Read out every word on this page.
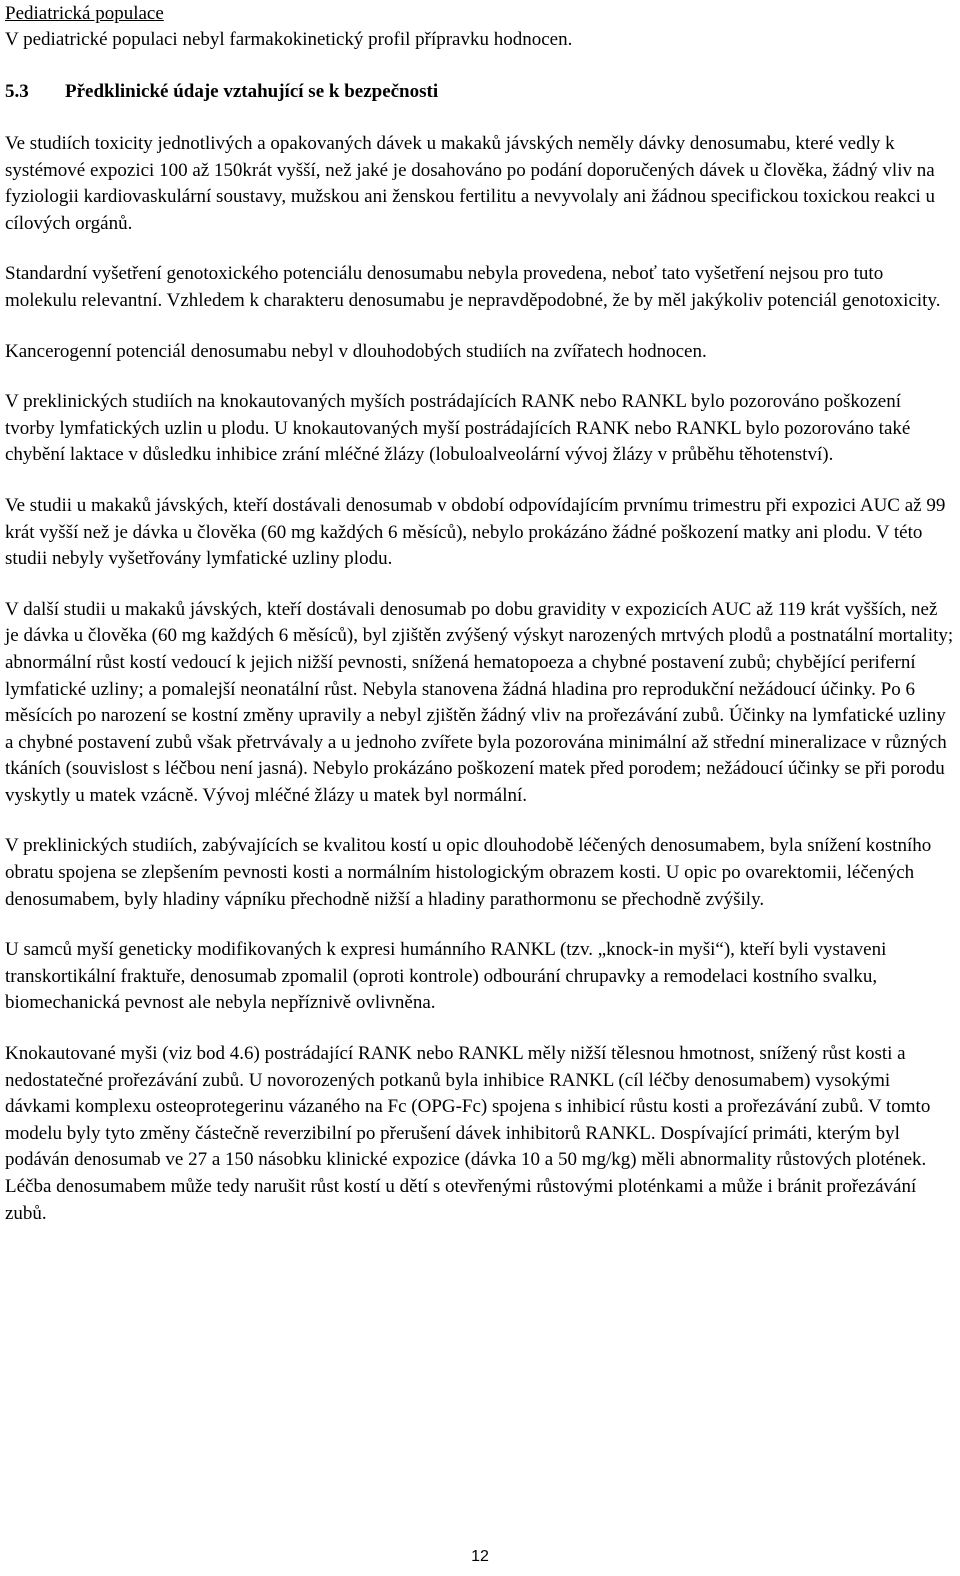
Pediatrická populace
V pediatrické populaci nebyl farmakokinetický profil přípravku hodnocen.
5.3	Předklinické údaje vztahující se k bezpečnosti

Ve studiích toxicity jednotlivých a opakovaných dávek u makaků jávských neměly dávky denosumabu, které vedly k systémové expozici 100 až 150krát vyšší, než jaké je dosahováno po podání doporučených dávek u člověka, žádný vliv na fyziologii kardiovaskulární soustavy, mužskou ani ženskou fertilitu a nevyvolaly ani žádnou specifickou toxickou reakci u cílových orgánů.

Standardní vyšetření genotoxického potenciálu denosumabu nebyla provedena, neboť tato vyšetření nejsou pro tuto molekulu relevantní. Vzhledem k charakteru denosumabu je nepravděpodobné, že by měl jakýkoliv potenciál genotoxicity.

Kancerogenní potenciál denosumabu nebyl v dlouhodobých studiích na zvířatech hodnocen.

V preklinických studiích na knokautovaných myších postrádajících RANK nebo RANKL bylo pozorováno poškození tvorby lymfatických uzlin u plodu. U knokautovaných myší postrádajících RANK nebo RANKL bylo pozorováno také chybění laktace v důsledku inhibice zrání mléčné žlázy (lobuloalveolární vývoj žlázy v průběhu těhotenství).

Ve studii u makaků jávských, kteří dostávali denosumab v období odpovídajícím prvnímu trimestru při expozici AUC až 99 krát vyšší než je dávka u člověka (60 mg každých 6 měsíců), nebylo prokázáno žádné poškození matky ani plodu. V této studii nebyly vyšetřovány lymfatické uzliny plodu.

V další studii u makaků jávských, kteří dostávali denosumab po dobu gravidity v expozicích AUC až 119 krát vyšších, než je dávka u člověka (60 mg každých 6 měsíců), byl zjištěn zvýšený výskyt narozených mrtvých plodů a postnatální mortality; abnormální růst kostí vedoucí k jejich nižší pevnosti, snížená hematopoeza a chybné postavení zubů; chybějící periferní lymfatické uzliny; a pomalejší neonatální růst. Nebyla stanovena žádná hladina pro reprodukční nežádoucí účinky. Po 6 měsících po narození se kostní změny upravily a nebyl zjištěn žádný vliv na prořezávání zubů. Účinky na lymfatické uzliny a chybné postavení zubů však přetrvávaly a u jednoho zvířete byla pozorována minimální až střední mineralizace v různých tkáních (souvislost s léčbou není jasná). Nebylo prokázáno poškození matek před porodem; nežádoucí účinky se při porodu vyskytly u matek vzácně. Vývoj mléčné žlázy u matek byl normální.

V preklinických studiích, zabývajících se kvalitou kostí u opic dlouhodobě léčených denosumabem, byla snížení kostního obratu spojena se zlepšením pevnosti kosti a normálním histologickým obrazem kosti. U opic po ovarektomii, léčených denosumabem, byly hladiny vápníku přechodně nižší a hladiny parathormonu se přechodně zvýšily.

U samců myší geneticky modifikovaných k expresi humánního RANKL (tzv. „knock-in myši“), kteří byli vystaveni transkortikální fraktuře, denosumab zpomalil (oproti kontrole) odbourání chrupavky a remodelaci kostního svalku, biomechanická pevnost ale nebyla nepříznivě ovlivněna.

Knokautované myši (viz bod 4.6) postrádající RANK nebo RANKL měly nižší tělesnou hmotnost, snížený růst kosti a nedostatečné prořezávání zubů. U novorozených potkanů byla inhibice RANKL (cíl léčby denosumabem) vysokými dávkami komplexu osteoprotegerinu vázaného na Fc (OPG-Fc) spojena s inhibicí růstu kosti a prořezávání zubů. V tomto modelu byly tyto změny částečně reverzibilní po přerušení dávek inhibitorů RANKL. Dospívající primáti, kterým byl podáván denosumab ve 27 a 150 násobku klinické expozice (dávka 10 a 50 mg/kg) měli abnormality růstových plotének. Léčba denosumabem může tedy narušit růst kostí u dětí s otevřenými růstovými ploténkami a může i bránit prořezávání zubů.

12
